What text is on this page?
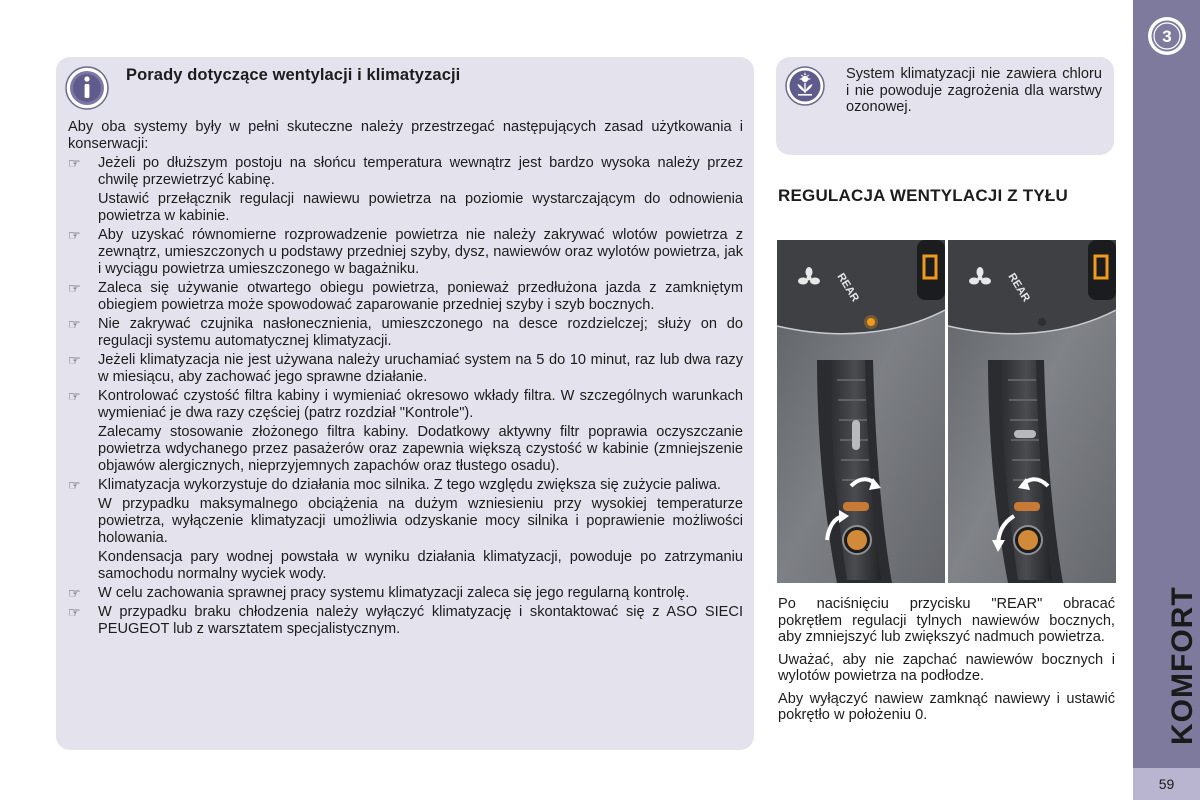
Porady dotyczące wentylacji i klimatyzacji
Aby oba systemy były w pełni skuteczne należy przestrzegać następujących zasad użytkowania i konserwacji:
☞	Jeżeli po dłuższym postoju na słońcu temperatura wewnątrz jest bardzo wysoka należy przez chwilę przewietrzyć kabinę.
Ustawić przełącznik regulacji nawiewu powietrza na poziomie wystarczającym do odnowienia powietrza w kabinie.
☞	Aby uzyskać równomierne rozprowadzenie powietrza nie należy zakrywać wlotów powietrza z zewnątrz, umieszczonych u podstawy przedniej szyby, dysz, nawiewów oraz wylotów powietrza, jak i wyciągu powietrza umieszczonego w bagażniku.
☞	Zaleca się używanie otwartego obiegu powietrza, ponieważ przedłużona jazda z zamkniętym obiegiem powietrza może spowodować zaparowanie przedniej szyby i szyb bocznych.
☞	Nie zakrywać czujnika nasłonecznienia, umieszczonego na desce rozdzielczej; służy on do regulacji systemu automatycznej klimatyzacji.
☞	Jeżeli klimatyzacja nie jest używana należy uruchamiać system na 5 do 10 minut, raz lub dwa razy w miesiącu, aby zachować jego sprawne działanie.
☞	Kontrolować czystość filtra kabiny i wymieniać okresowo wkłady filtra. W szczególnych warunkach wymieniać je dwa razy częściej (patrz rozdział "Kontrole").
Zalecamy stosowanie złożonego filtra kabiny. Dodatkowy aktywny filtr poprawia oczyszczanie powietrza wdychanego przez pasażerów oraz zapewnia większą czystość w kabinie (zmniejszenie objawów alergicznych, nieprzyjemnych zapachów oraz tłustego osadu).
☞	Klimatyzacja wykorzystuje do działania moc silnika. Z tego względu zwiększa się zużycie paliwa.
W przypadku maksymalnego obciążenia na dużym wzniesieniu przy wysokiej temperaturze powietrza, wyłączenie klimatyzacji umożliwia odzyskanie mocy silnika i poprawienie możliwości holowania.
Kondensacja pary wodnej powstała w wyniku działania klimatyzacji, powoduje po zatrzymaniu samochodu normalny wyciek wody.
☞	W celu zachowania sprawnej pracy systemu klimatyzacji zaleca się jego regularną kontrolę.
☞	W przypadku braku chłodzenia należy wyłączyć klimatyzację i skontaktować się z ASO SIECI PEUGEOT lub z warsztatem specjalistycznym.
System klimatyzacji nie zawiera chloru i nie powoduje zagrożenia dla warstwy ozonowej.
REGULACJA WENTYLACJI Z TYŁU
REAR	REAR

Po naciśnięciu przycisku "REAR" obracać pokrętłem regulacji tylnych nawiewów bocznych, aby zmniejszyć lub zwiększyć nadmuch powietrza.

Uważać, aby nie zapchać nawiewów bocznych i wylotów powietrza na podłodze.

Aby wyłączyć nawiew zamknąć nawiewy i ustawić pokrętło w położeniu 0.

3
KOMFORT
59
